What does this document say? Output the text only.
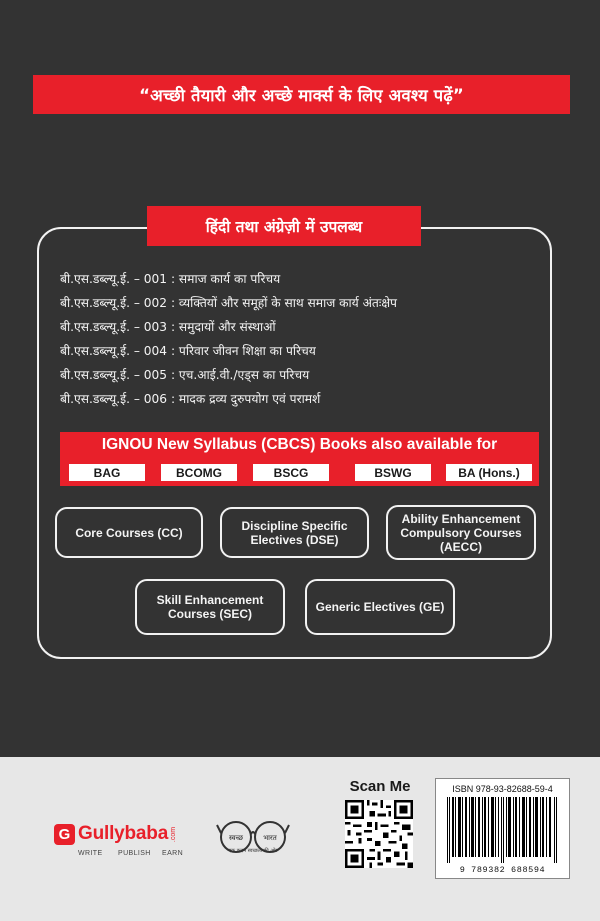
“अच्छी तैयारी और अच्छे मार्क्स के लिए अवश्य पढ़ें”
हिंदी तथा अंग्रेज़ी में उपलब्ध
बी.एस.डब्ल्यू.ई. – 001 : समाज कार्य का परिचय
बी.एस.डब्ल्यू.ई. – 002 : व्यक्तियों और समूहों के साथ समाज कार्य अंतःक्षेप
बी.एस.डब्ल्यू.ई. – 003 : समुदायों और संस्थाओं
बी.एस.डब्ल्यू.ई. – 004 : परिवार जीवन शिक्षा का परिचय
बी.एस.डब्ल्यू.ई. – 005 : एच.आई.वी./एड्स का परिचय
बी.एस.डब्ल्यू.ई. – 006 : मादक द्रव्य दुरुपयोग एवं परामर्श
IGNOU New Syllabus (CBCS) Books also available for
BAG	BCOMG	BSCG	BSWG	BA (Hons.)
Core Courses (CC)	Discipline Specific Electives (DSE)
Ability Enhancement Compulsory Courses (AECC)
Skill Enhancement Courses (SEC)	Generic Electives (GE)
G Gullybaba .com
WRITE PUBLISH EARN
स्वच्छ	भारत
एक कदम स्वच्छता की ओर
Scan Me	ISBN 978-93-82688-59-4
9 789382 688594
